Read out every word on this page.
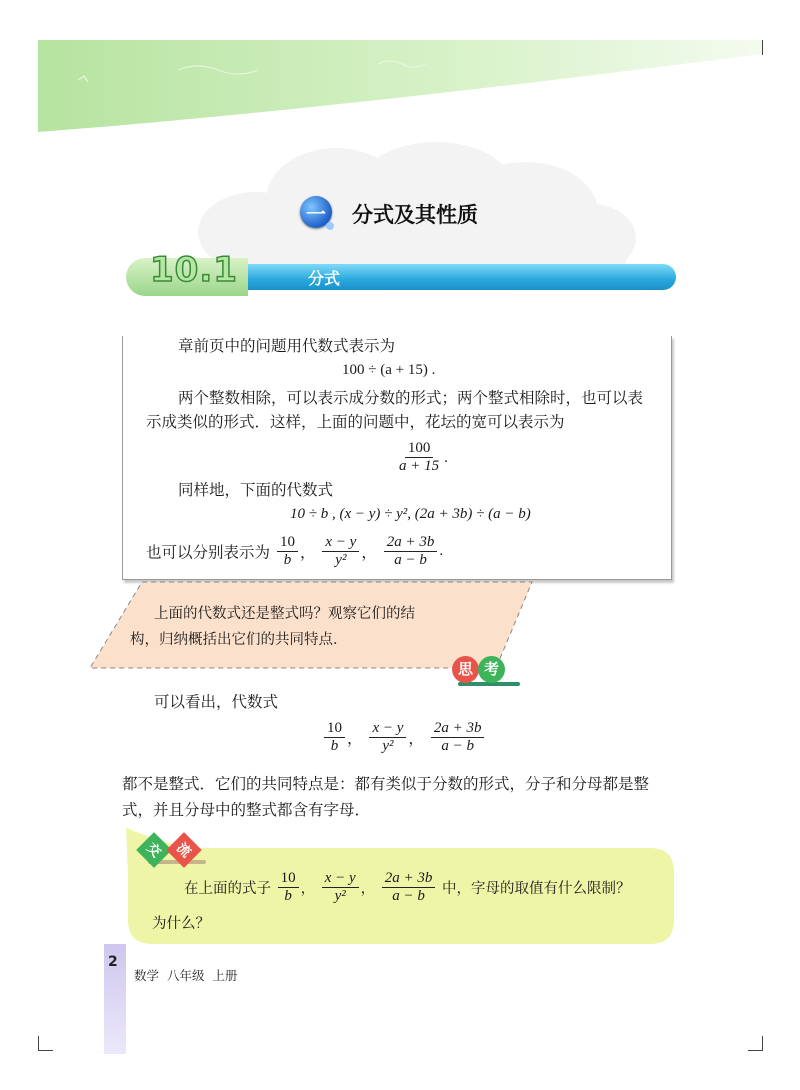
一 分式及其性质
10.1	分式
章前页中的问题用代数式表示为
100 ÷ (a + 15) .
两个整数相除，可以表示成分数的形式；两个整式相除时，也可以表
示成类似的形式．这样，上面的问题中，花坛的宽可以表示为
$\frac{100}{a + 15}$ .
同样地，下面的代数式
10 ÷ b , (x − y) ÷ y², (2a + 3b) ÷ (a − b)
也可以分别表示为 $\frac{10}{b}$ ， $\frac{x - y}{\text{y²}}$ ， $\frac{2a + 3b}{a - b}$ .
上面的代数式还是整式吗？观察它们的结
构，归纳概括出它们的共同特点．
思 考
可以看出，代数式
$\frac{10}{b}$ ， $\frac{x - y}{\text{y²}}$ ， $\frac{2a + 3b}{a - b}$
都不是整式．它们的共同特点是：都有类似于分数的形式，分子和分母都是整
式，并且分母中的整式都含有字母．
交 流
在上面的式子 $\frac{10}{b}$ ， $\frac{x - y}{\text{y²}}$ ， $\frac{2a + 3b}{a - b}$ 中，字母的取值有什么限制？
为什么？
2
数学  八年级  上册
